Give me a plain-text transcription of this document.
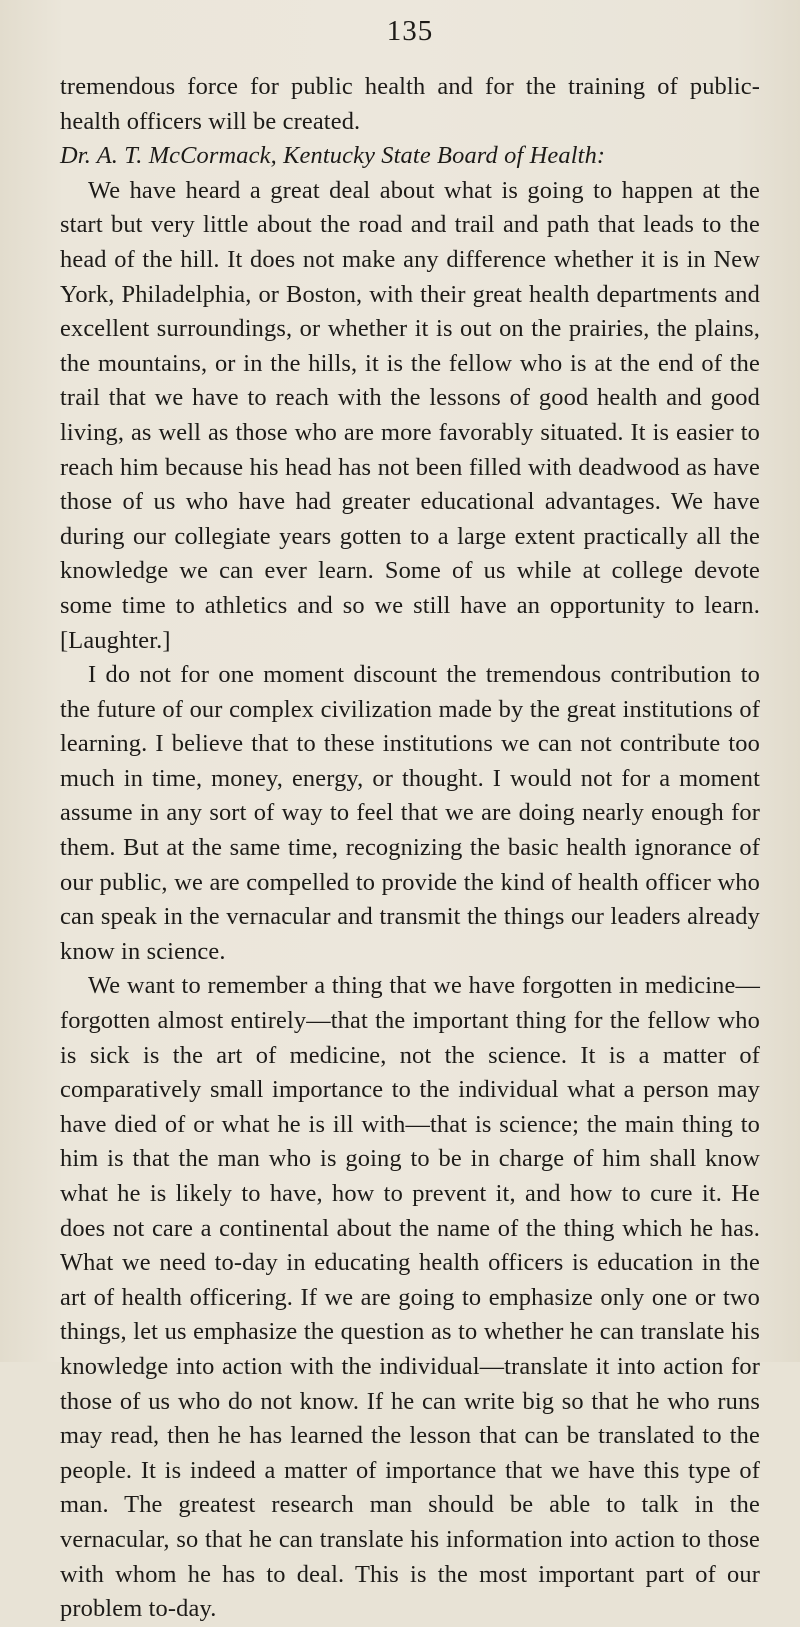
135

tremendous force for public health and for the training of public-health officers will be created.

Dr. A. T. McCormack, Kentucky State Board of Health:

We have heard a great deal about what is going to happen at the start but very little about the road and trail and path that leads to the head of the hill. It does not make any difference whether it is in New York, Philadelphia, or Boston, with their great health departments and excellent surroundings, or whether it is out on the prairies, the plains, the mountains, or in the hills, it is the fellow who is at the end of the trail that we have to reach with the lessons of good health and good living, as well as those who are more favorably situated. It is easier to reach him because his head has not been filled with deadwood as have those of us who have had greater educational advantages. We have during our collegiate years gotten to a large extent practically all the knowledge we can ever learn. Some of us while at college devote some time to athletics and so we still have an opportunity to learn. [Laughter.]

I do not for one moment discount the tremendous contribution to the future of our complex civilization made by the great institutions of learning. I believe that to these institutions we can not contribute too much in time, money, energy, or thought. I would not for a moment assume in any sort of way to feel that we are doing nearly enough for them. But at the same time, recognizing the basic health ignorance of our public, we are compelled to provide the kind of health officer who can speak in the vernacular and transmit the things our leaders already know in science.

We want to remember a thing that we have forgotten in medicine—forgotten almost entirely—that the important thing for the fellow who is sick is the art of medicine, not the science. It is a matter of comparatively small importance to the individual what a person may have died of or what he is ill with—that is science; the main thing to him is that the man who is going to be in charge of him shall know what he is likely to have, how to prevent it, and how to cure it. He does not care a continental about the name of the thing which he has. What we need to-day in educating health officers is education in the art of health officering. If we are going to emphasize only one or two things, let us emphasize the question as to whether he can translate his knowledge into action with the individual—translate it into action for those of us who do not know. If he can write big so that he who runs may read, then he has learned the lesson that can be translated to the people. It is indeed a matter of importance that we have this type of man. The greatest research man should be able to talk in the vernacular, so that he can translate his information into action to those with whom he has to deal. This is the most important part of our problem to-day.
